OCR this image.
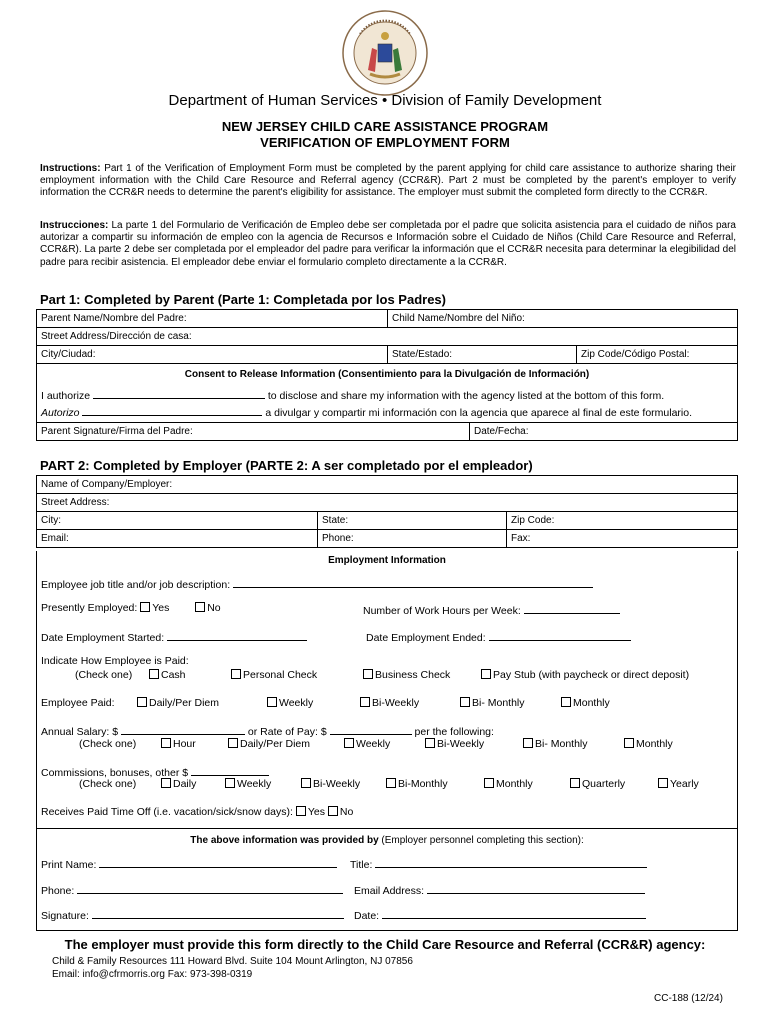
Department of Human Services • Division of Family Development
NEW JERSEY CHILD CARE ASSISTANCE PROGRAM
VERIFICATION OF EMPLOYMENT FORM
Instructions: Part 1 of the Verification of Employment Form must be completed by the parent applying for child care assistance to authorize sharing their employment information with the Child Care Resource and Referral agency (CCR&R). Part 2 must be completed by the parent's employer to verify information the CCR&R needs to determine the parent's eligibility for assistance. The employer must submit the completed form directly to the CCR&R.
Instrucciones: La parte 1 del Formulario de Verificación de Empleo debe ser completada por el padre que solicita asistencia para el cuidado de niños para autorizar a compartir su información de empleo con la agencia de Recursos e Información sobre el Cuidado de Niños (Child Care Resource and Referral, CCR&R). La parte 2 debe ser completada por el empleador del padre para verificar la información que el CCR&R necesita para determinar la elegibilidad del padre para recibir asistencia. El empleador debe enviar el formulario completo directamente a la CCR&R.
Part 1: Completed by Parent (Parte 1: Completada por los Padres)
Parent Name/Nombre del Padre:	Child Name/Nombre del Niño:	
Street Address/Dirección de casa:		
City/Ciudad:	State/Estado:	Zip Code/Código Postal:
Consent to Release Information (Consentimiento para la Divulgación de Información)
I authorize	to disclose and share my information with the agency listed at the bottom of this form.
Autorizo	a divulgar y compartir mi información con la agencia que aparece al final de este formulario.
Parent Signature/Firma del Padre:	Date/Fecha:
PART 2: Completed by Employer (PARTE 2: A ser completado por el empleador)
Name of Company/Employer:		
Street Address:		
City:	State:	Zip Code:
Email:	Phone:	Fax:
Employment Information
Employee job title and/or job description:
Presently Employed: Yes	No	Number of Work Hours per Week:
Date Employment Started:	Date Employment Ended:
Indicate How Employee is Paid:
(Check one)	Cash	Personal Check	Business Check	Pay Stub (with paycheck or direct deposit)
Employee Paid:	Daily/Per Diem	Weekly	Bi-Weekly	Bi- Monthly	Monthly
Annual Salary: $	or Rate of Pay: $	per the following:
(Check one)	Hour	Daily/Per Diem	Weekly	Bi-Weekly	Bi- Monthly	Monthly
Commissions, bonuses, other $
(Check one)	Daily	Weekly	Bi-Weekly	Bi-Monthly	Monthly	Quarterly	Yearly
Receives Paid Time Off (i.e. vacation/sick/snow days): Yes No
The above information was provided by (Employer personnel completing this section):
Print Name:	Title:
Phone:	Email Address:
Signature:	Date:
The employer must provide this form directly to the Child Care Resource and Referral (CCR&R) agency:
Child & Family Resources 111 Howard Blvd. Suite 104 Mount Arlington, NJ 07856
Email: info@cfrmorris.org Fax: 973-398-0319
CC-188 (12/24)
